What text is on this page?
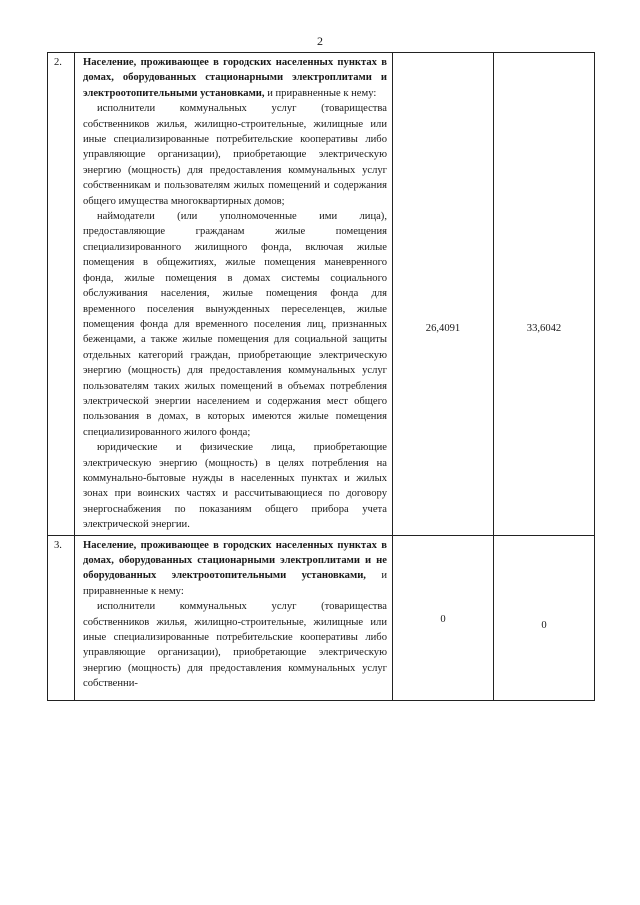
2
2.	Население, проживающее в городских населенных пунктах в домах, оборудованных стационарными электроплитами и электроотопительными установками, и приравненные к нему:

исполнители коммунальных услуг (товарищества собственников жилья, жилищно-строительные, жилищные или иные специализированные потребительские кооперативы либо управляющие организации), приобретающие электрическую энергию (мощность) для предоставления коммунальных услуг собственникам и пользователям жилых помещений и содержания общего имущества многоквартирных домов;

наймодатели (или уполномоченные ими лица), предоставляющие гражданам жилые помещения специализированного жилищного фонда, включая жилые помещения в общежитиях, жилые помещения маневренного фонда, жилые помещения в домах системы социального обслуживания населения, жилые помещения фонда для временного поселения вынужденных переселенцев, жилые помещения фонда для временного поселения лиц, признанных беженцами, а также жилые помещения для социальной защиты отдельных категорий граждан, приобретающие электрическую энергию (мощность) для предоставления коммунальных услуг пользователям таких жилых помещений в объемах потребления электрической энергии населением и содержания мест общего пользования в домах, в которых имеются жилые помещения специализированного жилого фонда;

юридические и физические лица, приобретающие электрическую энергию (мощность) в целях потребления на коммунально-бытовые нужды в населенных пунктах и жилых зонах при воинских частях и рассчитывающиеся по договору энергоснабжения по показаниям общего прибора учета электрической энергии.	26,4091	33,6042

3.	Население, проживающее в городских населенных пунктах в домах, оборудованных стационарными электроплитами и не оборудованных электроотопительными установками, и приравненные к нему:

исполнители коммунальных услуг (товарищества собственников жилья, жилищно-строительные, жилищные или иные специализированные потребительские кооперативы либо управляющие организации), приобретающие электрическую энергию (мощность) для предоставления коммунальных услуг собственни-	0	0
